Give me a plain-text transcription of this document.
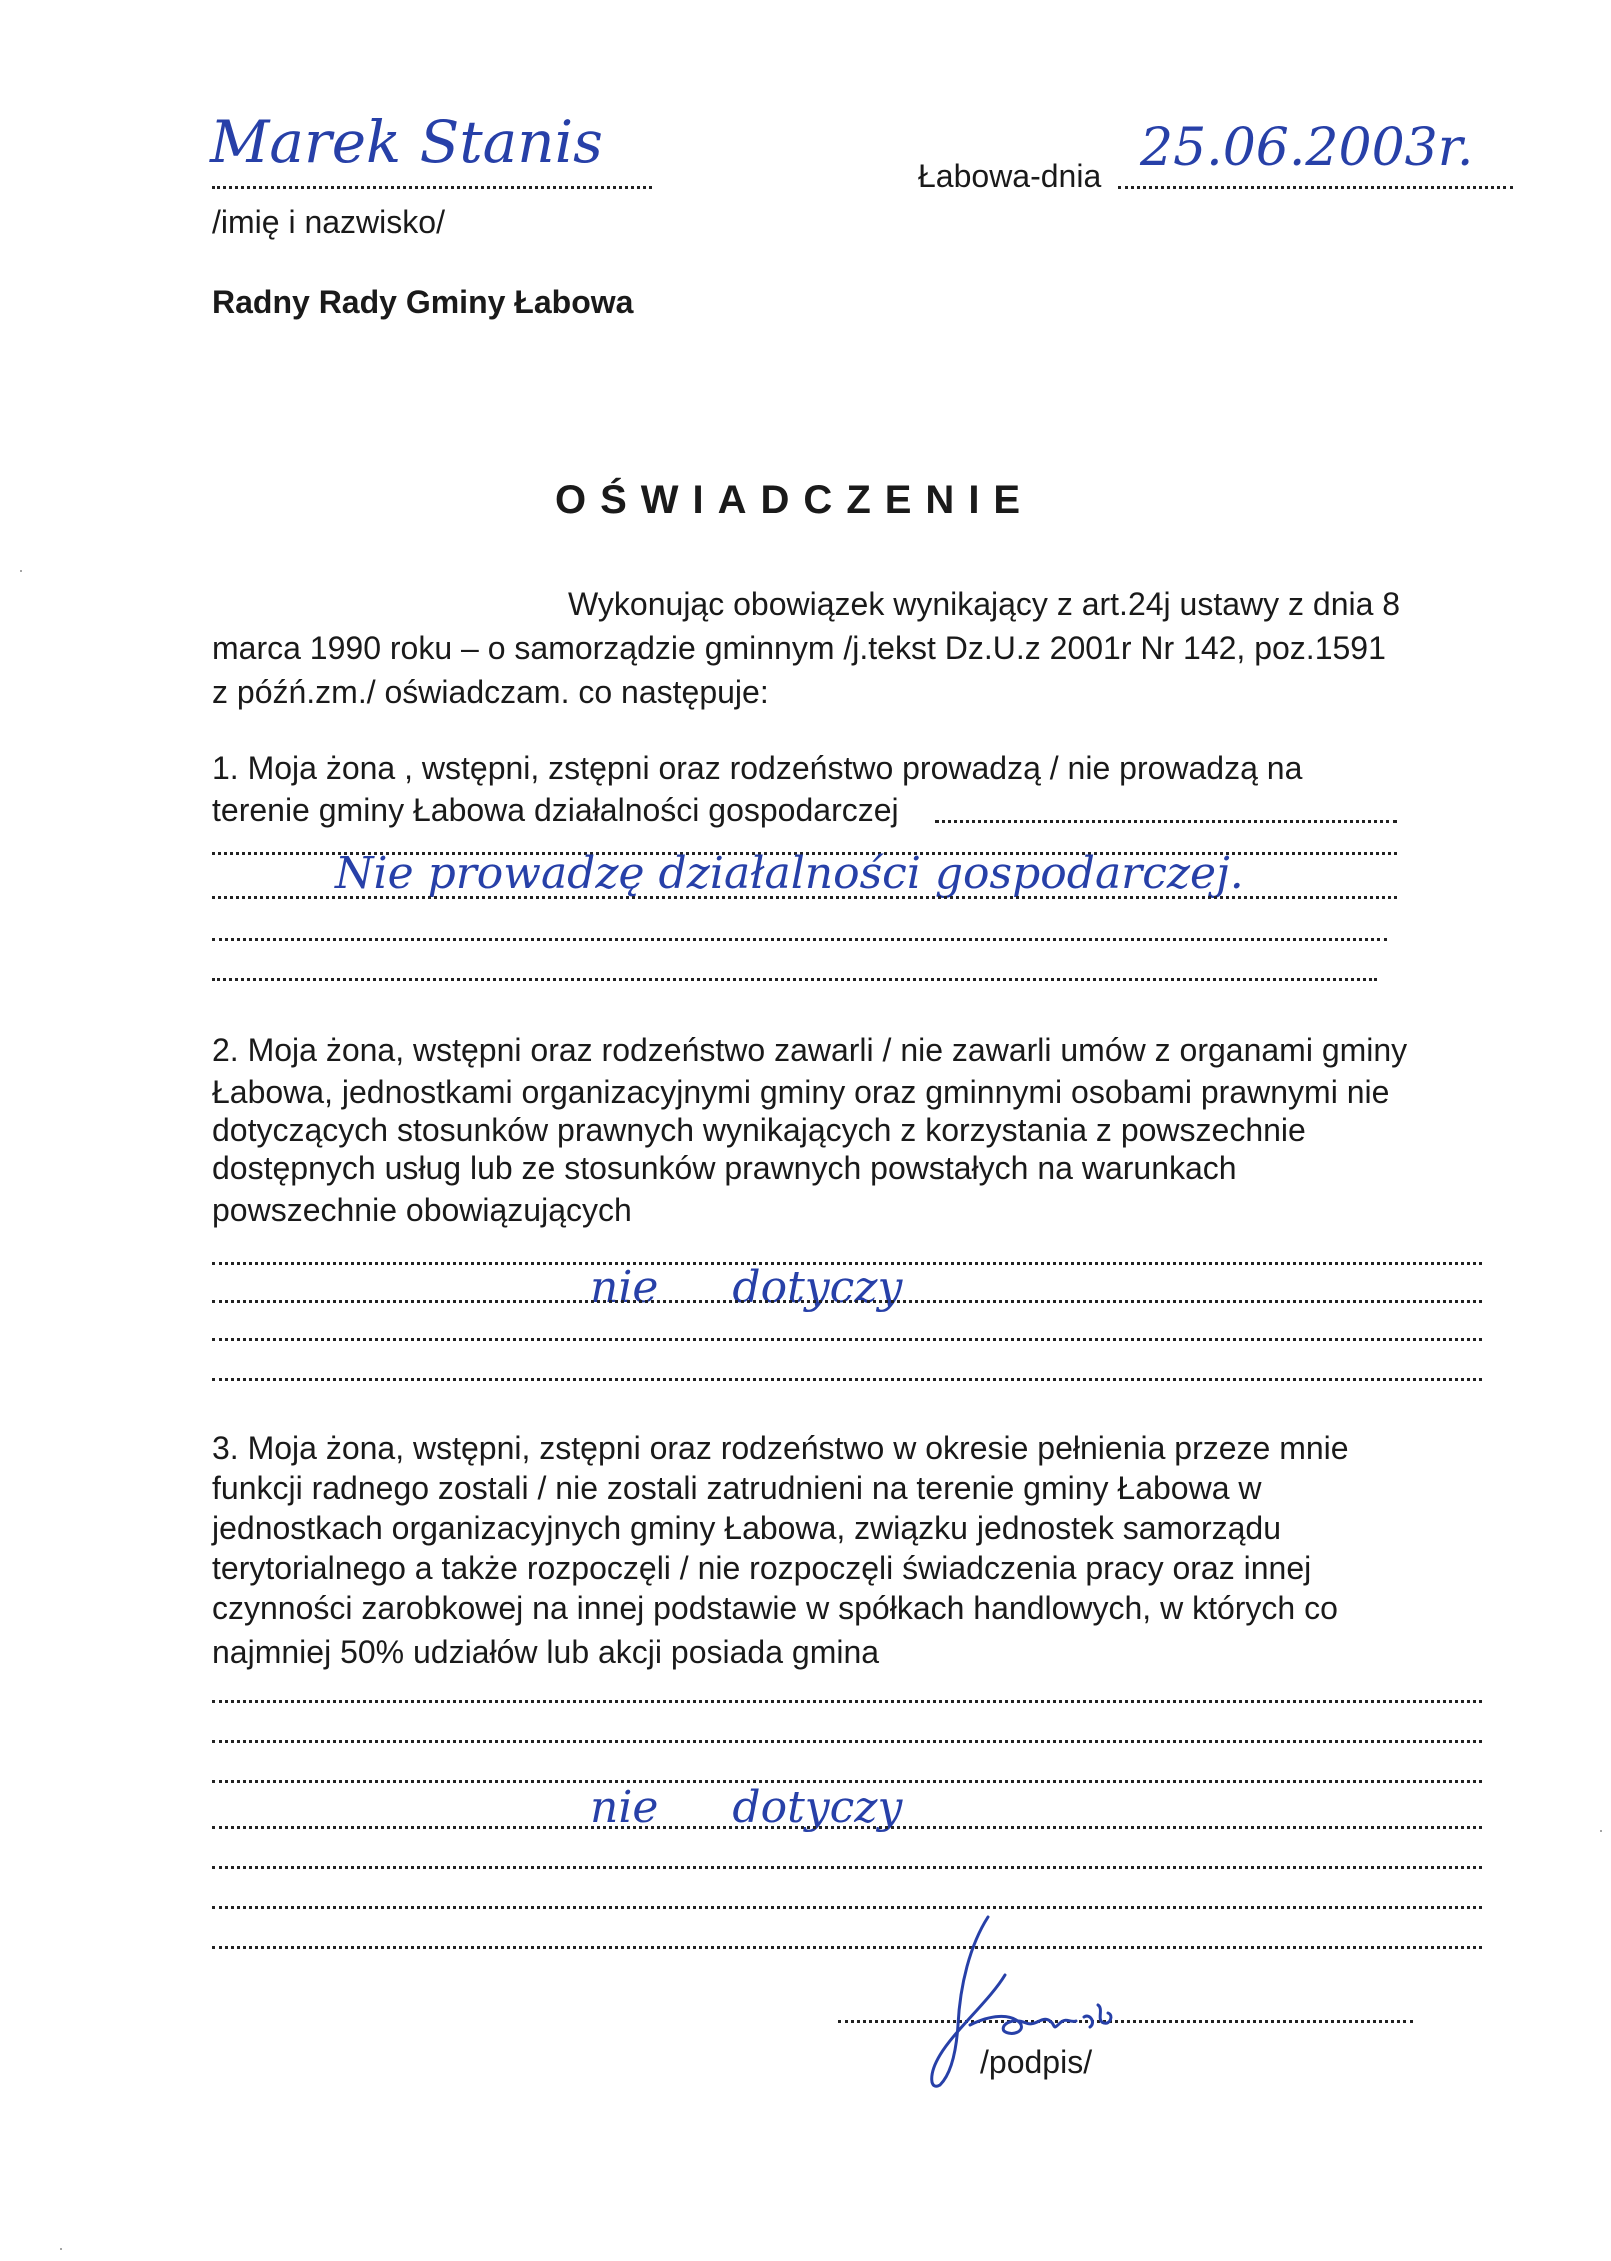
Marek Stanis
/imię i nazwisko/
Łabowa-dnia 25.06.2003r.
Radny Rady Gminy Łabowa
OŚWIADCZENIE
Wykonując obowiązek wynikający z art.24j ustawy z dnia 8
marca 1990 roku – o samorządzie gminnym /j.tekst Dz.U.z 2001r Nr 142, poz.1591
z późń.zm./ oświadczam. co następuje:
1. Moja żona , wstępni, zstępni oraz rodzeństwo prowadzą / nie prowadzą na
terenie gminy Łabowa działalności gospodarczej
Nie prowadzę działalności gospodarczej.
2. Moja żona, wstępni oraz rodzeństwo zawarli / nie zawarli umów z organami gminy
Łabowa, jednostkami organizacyjnymi gminy oraz gminnymi osobami prawnymi nie
dotyczących stosunków prawnych wynikających z korzystania z powszechnie
dostępnych usług lub ze stosunków prawnych powstałych na warunkach
powszechnie obowiązujących
nie dotyczy
3. Moja żona, wstępni, zstępni oraz rodzeństwo w okresie pełnienia przeze mnie
funkcji radnego zostali / nie zostali zatrudnieni na terenie gminy Łabowa w
jednostkach organizacyjnych gminy Łabowa, związku jednostek samorządu
terytorialnego a także rozpoczęli / nie rozpoczęli świadczenia pracy oraz innej
czynności zarobkowej na innej podstawie w spółkach handlowych, w których co
najmniej 50% udziałów lub akcji posiada gmina
nie dotyczy
/podpis/
